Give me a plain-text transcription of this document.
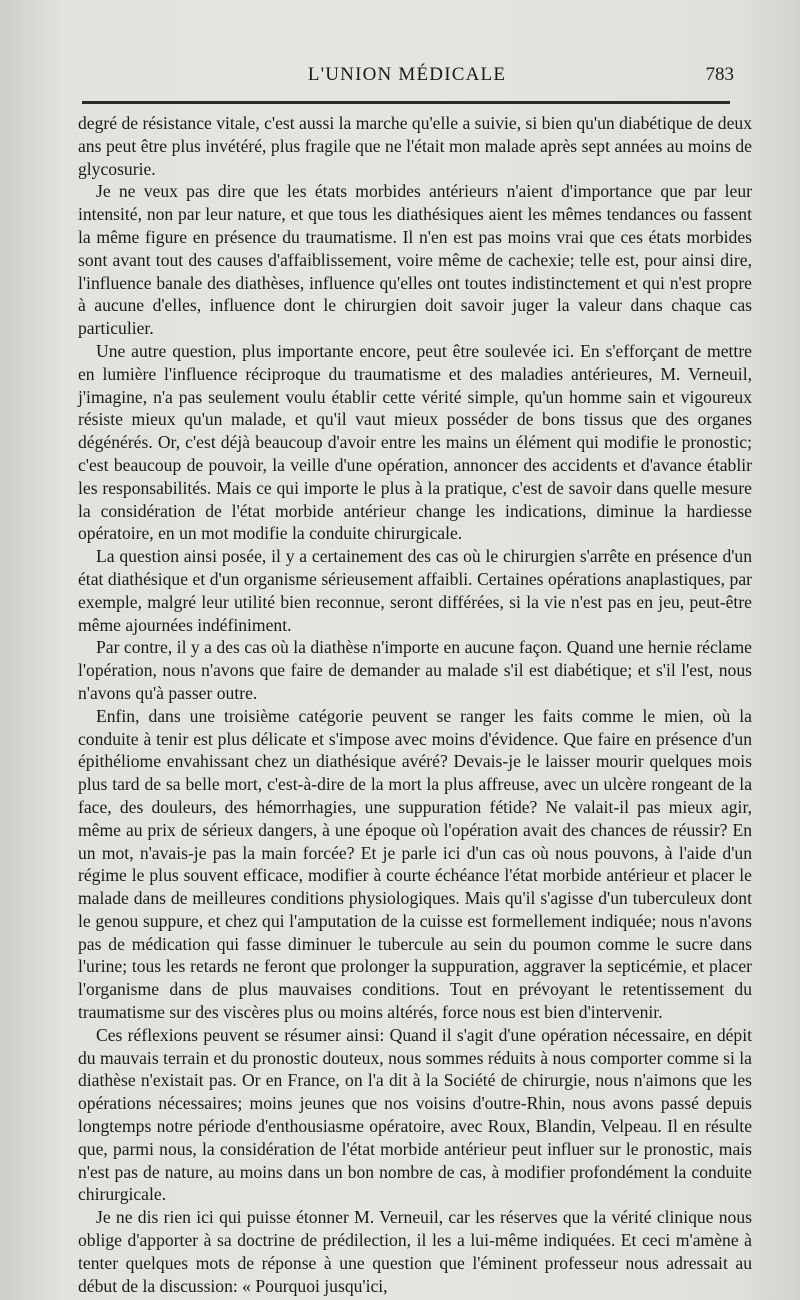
L'UNION MÉDICALE	783

degré de résistance vitale, c'est aussi la marche qu'elle a suivie, si bien qu'un diabétique de deux ans peut être plus invétéré, plus fragile que ne l'était mon malade après sept années au moins de glycosurie.

Je ne veux pas dire que les états morbides antérieurs n'aient d'importance que par leur intensité, non par leur nature, et que tous les diathésiques aient les mêmes tendances ou fassent la même figure en présence du traumatisme. Il n'en est pas moins vrai que ces états morbides sont avant tout des causes d'affaiblissement, voire même de cachexie; telle est, pour ainsi dire, l'influence banale des diathèses, influence qu'elles ont toutes indistinctement et qui n'est propre à aucune d'elles, influence dont le chirurgien doit savoir juger la valeur dans chaque cas particulier.

Une autre question, plus importante encore, peut être soulevée ici. En s'efforçant de mettre en lumière l'influence réciproque du traumatisme et des maladies antérieures, M. Verneuil, j'imagine, n'a pas seulement voulu établir cette vérité simple, qu'un homme sain et vigoureux résiste mieux qu'un malade, et qu'il vaut mieux posséder de bons tissus que des organes dégénérés. Or, c'est déjà beaucoup d'avoir entre les mains un élément qui modifie le pronostic; c'est beaucoup de pouvoir, la veille d'une opération, annoncer des accidents et d'avance établir les responsabilités. Mais ce qui importe le plus à la pratique, c'est de savoir dans quelle mesure la considération de l'état morbide antérieur change les indications, diminue la hardiesse opératoire, en un mot modifie la conduite chirurgicale.

La question ainsi posée, il y a certainement des cas où le chirurgien s'arrête en présence d'un état diathésique et d'un organisme sérieusement affaibli. Certaines opérations anaplastiques, par exemple, malgré leur utilité bien reconnue, seront différées, si la vie n'est pas en jeu, peut-être même ajournées indéfiniment.

Par contre, il y a des cas où la diathèse n'importe en aucune façon. Quand une hernie réclame l'opération, nous n'avons que faire de demander au malade s'il est diabétique; et s'il l'est, nous n'avons qu'à passer outre.

Enfin, dans une troisième catégorie peuvent se ranger les faits comme le mien, où la conduite à tenir est plus délicate et s'impose avec moins d'évidence. Que faire en présence d'un épithéliome envahissant chez un diathésique avéré? Devais-je le laisser mourir quelques mois plus tard de sa belle mort, c'est-à-dire de la mort la plus affreuse, avec un ulcère rongeant de la face, des douleurs, des hémorrhagies, une suppuration fétide? Ne valait-il pas mieux agir, même au prix de sérieux dangers, à une époque où l'opération avait des chances de réussir? En un mot, n'avais-je pas la main forcée? Et je parle ici d'un cas où nous pouvons, à l'aide d'un régime le plus souvent efficace, modifier à courte échéance l'état morbide antérieur et placer le malade dans de meilleures conditions physiologiques. Mais qu'il s'agisse d'un tuberculeux dont le genou suppure, et chez qui l'amputation de la cuisse est formellement indiquée; nous n'avons pas de médication qui fasse diminuer le tubercule au sein du poumon comme le sucre dans l'urine; tous les retards ne feront que prolonger la suppuration, aggraver la septicémie, et placer l'organisme dans de plus mauvaises conditions. Tout en prévoyant le retentissement du traumatisme sur des viscères plus ou moins altérés, force nous est bien d'intervenir.

Ces réflexions peuvent se résumer ainsi: Quand il s'agit d'une opération nécessaire, en dépit du mauvais terrain et du pronostic douteux, nous sommes réduits à nous comporter comme si la diathèse n'existait pas. Or en France, on l'a dit à la Société de chirurgie, nous n'aimons que les opérations nécessaires; moins jeunes que nos voisins d'outre-Rhin, nous avons passé depuis longtemps notre période d'enthousiasme opératoire, avec Roux, Blandin, Velpeau. Il en résulte que, parmi nous, la considération de l'état morbide antérieur peut influer sur le pronostic, mais n'est pas de nature, au moins dans un bon nombre de cas, à modifier profondément la conduite chirurgicale.

Je ne dis rien ici qui puisse étonner M. Verneuil, car les réserves que la vérité clinique nous oblige d'apporter à sa doctrine de prédilection, il les a lui-même indiquées. Et ceci m'amène à tenter quelques mots de réponse à une question que l'éminent professeur nous adressait au début de la discussion: « Pourquoi jusqu'ici,
